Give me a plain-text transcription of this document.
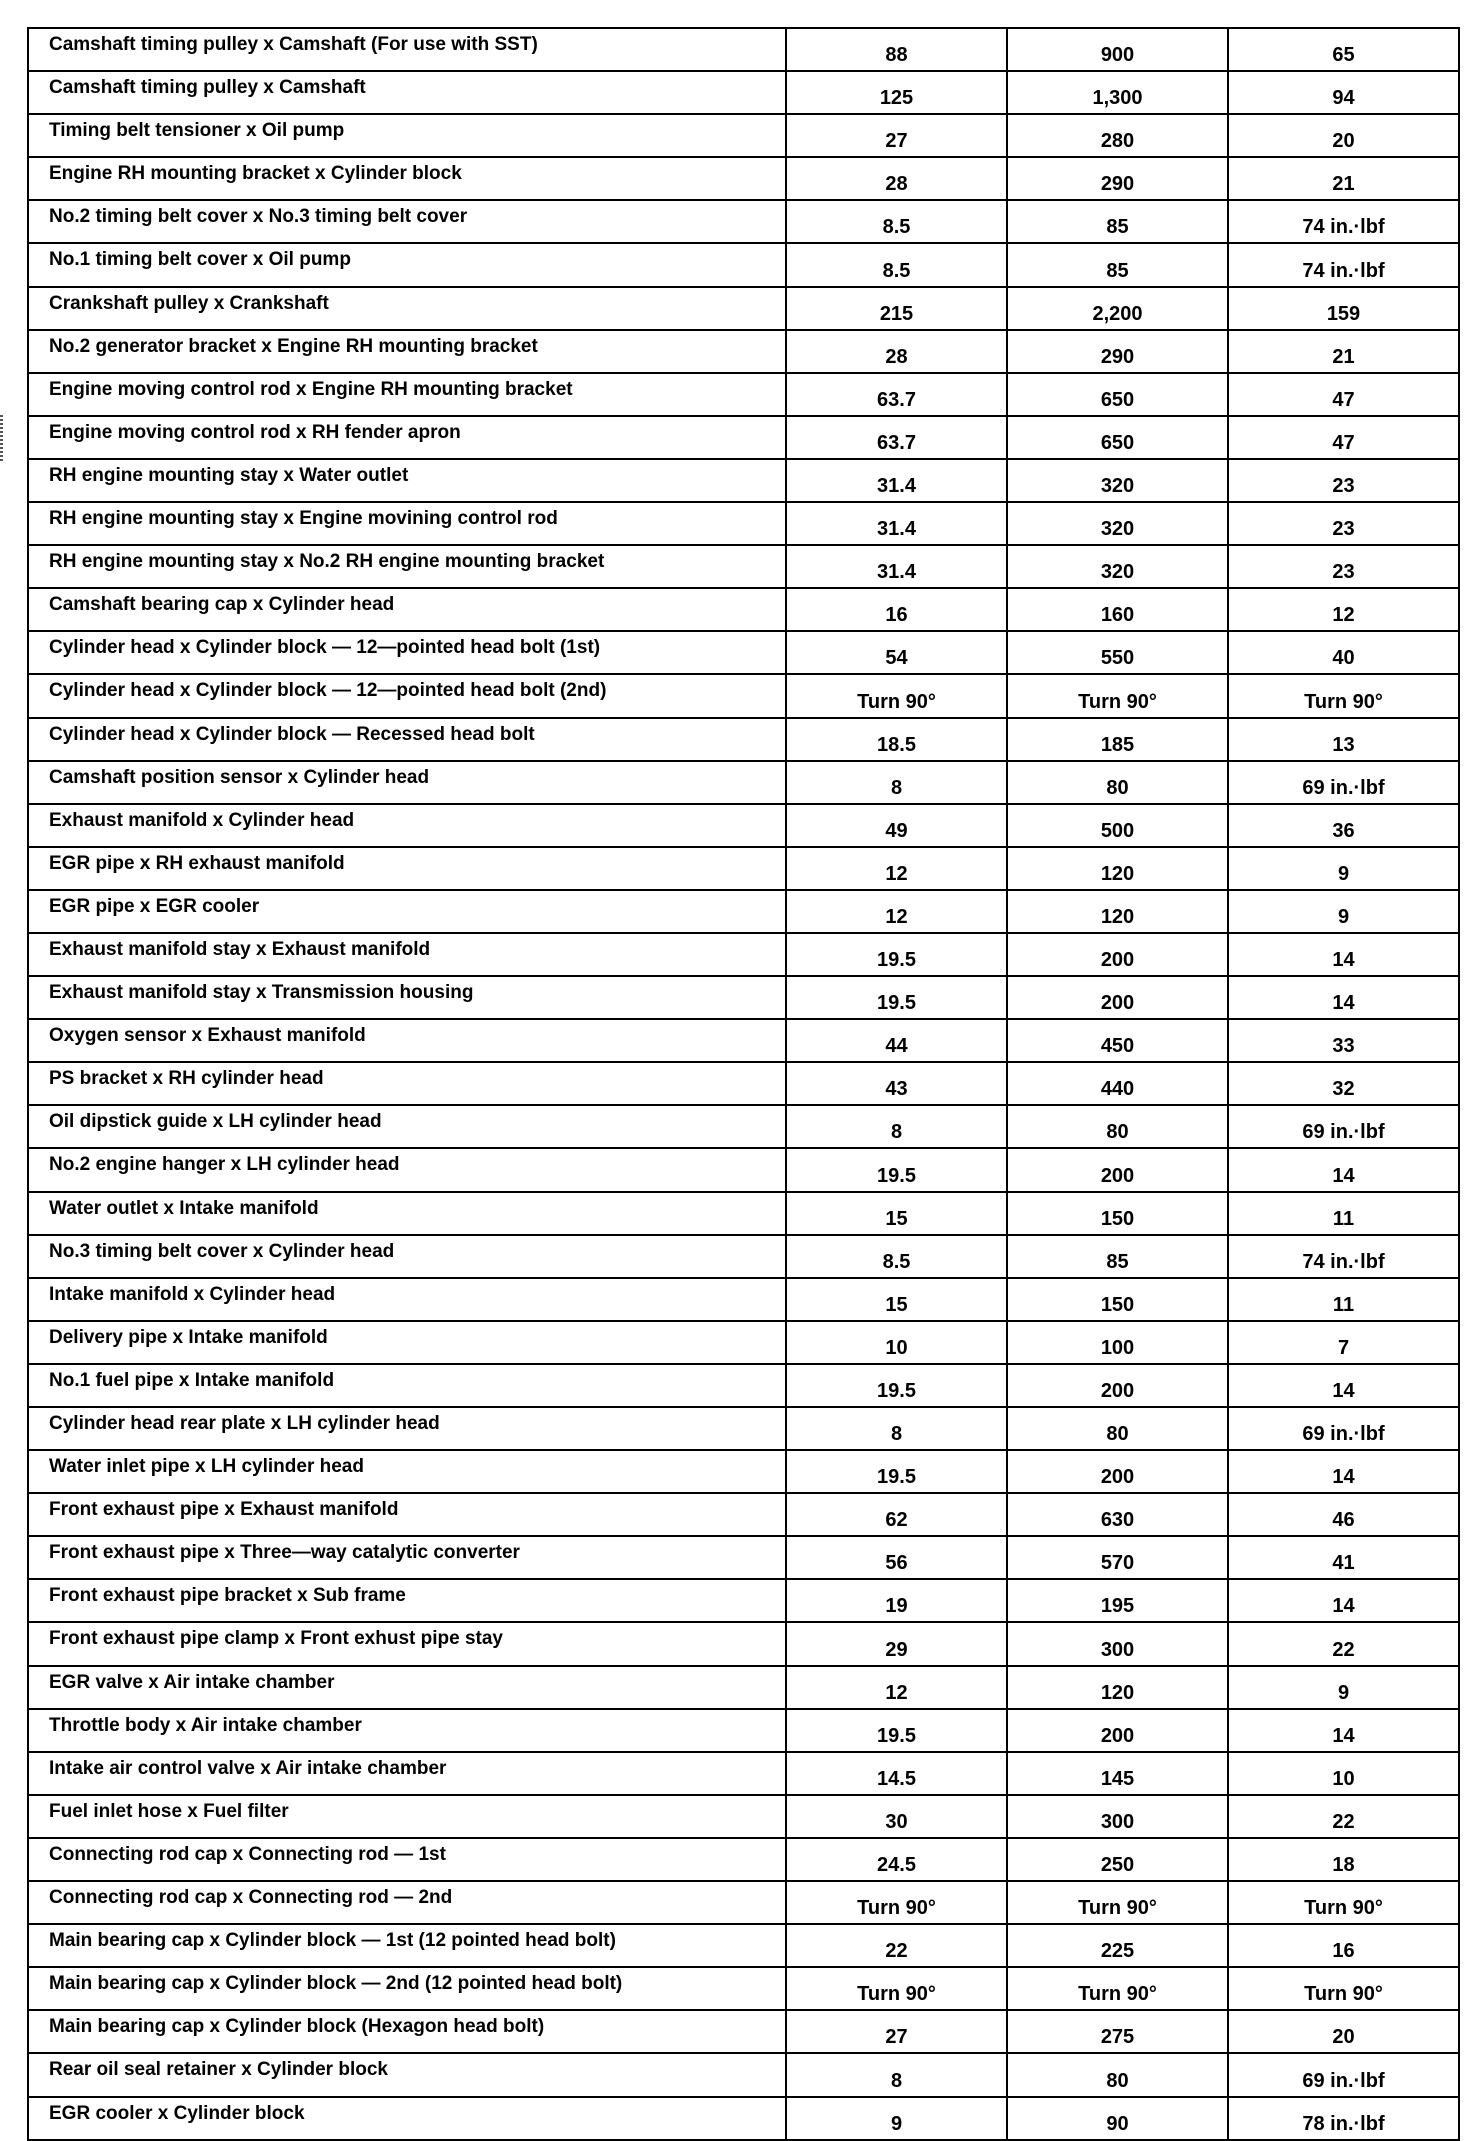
Camshaft timing pulley x Camshaft (For use with SST)	88	900	65
Camshaft timing pulley x Camshaft	125	1,300	94
Timing belt tensioner x Oil pump	27	280	20
Engine RH mounting bracket x Cylinder block	28	290	21
No.2 timing belt cover x No.3 timing belt cover	8.5	85	74 in.·lbf
No.1 timing belt cover x Oil pump	8.5	85	74 in.·lbf
Crankshaft pulley x Crankshaft	215	2,200	159
No.2 generator bracket x Engine RH mounting bracket	28	290	21
Engine moving control rod x Engine RH mounting bracket	63.7	650	47
Engine moving control rod x RH fender apron	63.7	650	47
RH engine mounting stay x Water outlet	31.4	320	23
RH engine mounting stay x Engine movining control rod	31.4	320	23
RH engine mounting stay x No.2 RH engine mounting bracket	31.4	320	23
Camshaft bearing cap x Cylinder head	16	160	12
Cylinder head x Cylinder block — 12—pointed head bolt (1st)	54	550	40
Cylinder head x Cylinder block — 12—pointed head bolt (2nd)	Turn 90°	Turn 90°	Turn 90°
Cylinder head x Cylinder block — Recessed head bolt	18.5	185	13
Camshaft position sensor x Cylinder head	8	80	69 in.·lbf
Exhaust manifold x Cylinder head	49	500	36
EGR pipe x RH exhaust manifold	12	120	9
EGR pipe x EGR cooler	12	120	9
Exhaust manifold stay x Exhaust manifold	19.5	200	14
Exhaust manifold stay x Transmission housing	19.5	200	14
Oxygen sensor x Exhaust manifold	44	450	33
PS bracket x RH cylinder head	43	440	32
Oil dipstick guide x LH cylinder head	8	80	69 in.·lbf
No.2 engine hanger x LH cylinder head	19.5	200	14
Water outlet x Intake manifold	15	150	11
No.3 timing belt cover x Cylinder head	8.5	85	74 in.·lbf
Intake manifold x Cylinder head	15	150	11
Delivery pipe x Intake manifold	10	100	7
No.1 fuel pipe x Intake manifold	19.5	200	14
Cylinder head rear plate x LH cylinder head	8	80	69 in.·lbf
Water inlet pipe x LH cylinder head	19.5	200	14
Front exhaust pipe x Exhaust manifold	62	630	46
Front exhaust pipe x Three—way catalytic converter	56	570	41
Front exhaust pipe bracket x Sub frame	19	195	14
Front exhaust pipe clamp x Front exhust pipe stay	29	300	22
EGR valve x Air intake chamber	12	120	9
Throttle body x Air intake chamber	19.5	200	14
Intake air control valve x Air intake chamber	14.5	145	10
Fuel inlet hose x Fuel filter	30	300	22
Connecting rod cap x Connecting rod — 1st	24.5	250	18
Connecting rod cap x Connecting rod — 2nd	Turn 90°	Turn 90°	Turn 90°
Main bearing cap x Cylinder block — 1st (12 pointed head bolt)	22	225	16
Main bearing cap x Cylinder block — 2nd (12 pointed head bolt)	Turn 90°	Turn 90°	Turn 90°
Main bearing cap x Cylinder block (Hexagon head bolt)	27	275	20
Rear oil seal retainer x Cylinder block	8	80	69 in.·lbf
EGR cooler x Cylinder block	9	90	78 in.·lbf
